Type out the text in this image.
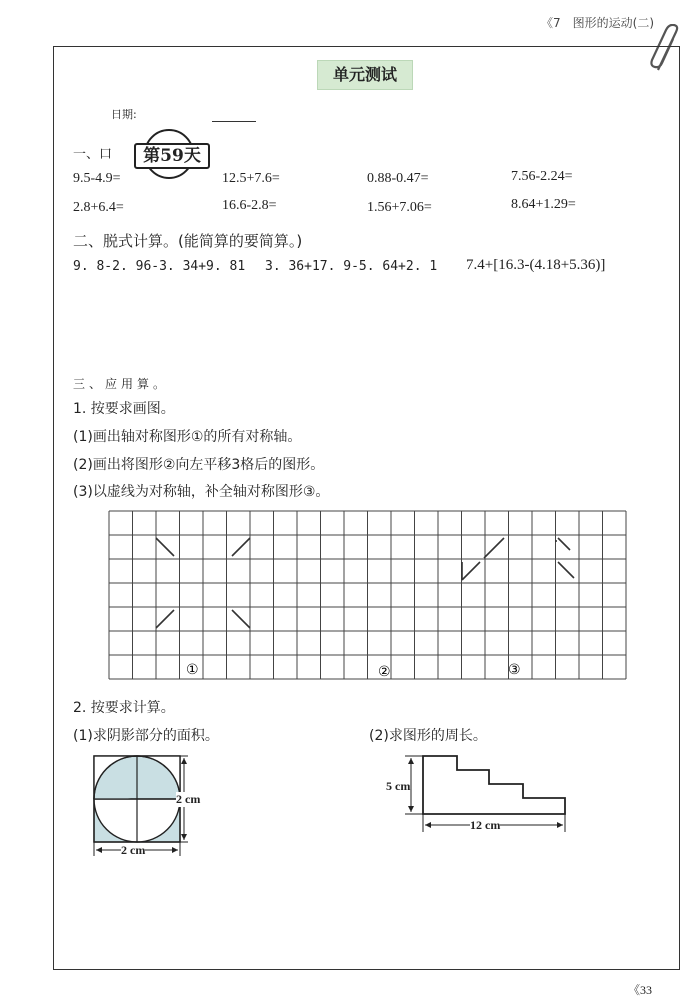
《7　图形的运动(二)
单元测试
日期:
一、口	第59天
9.5-4.9=	12.5+7.6=	0.88-0.47=	7.56-2.24=
2.8+6.4=	16.6-2.8=	1.56+7.06=	8.64+1.29=
二、脱式计算。(能简算的要简算。)
9. 8-2. 96-3. 34+9. 81 3. 36+17. 9-5. 64+2. 1 7.4+[16.3-(4.18+5.36)]
三、应用算。
1. 按要求画图。
(1)画出轴对称图形①的所有对称轴。
(2)画出将图形②向左平移3格后的图形。
(3)以虚线为对称轴，补全轴对称图形③。
①	②	③
2. 按要求计算。
(1)求阴影部分的面积。	(2)求图形的周长。
2 cm
2 cm
5 cm
12 cm
《33
